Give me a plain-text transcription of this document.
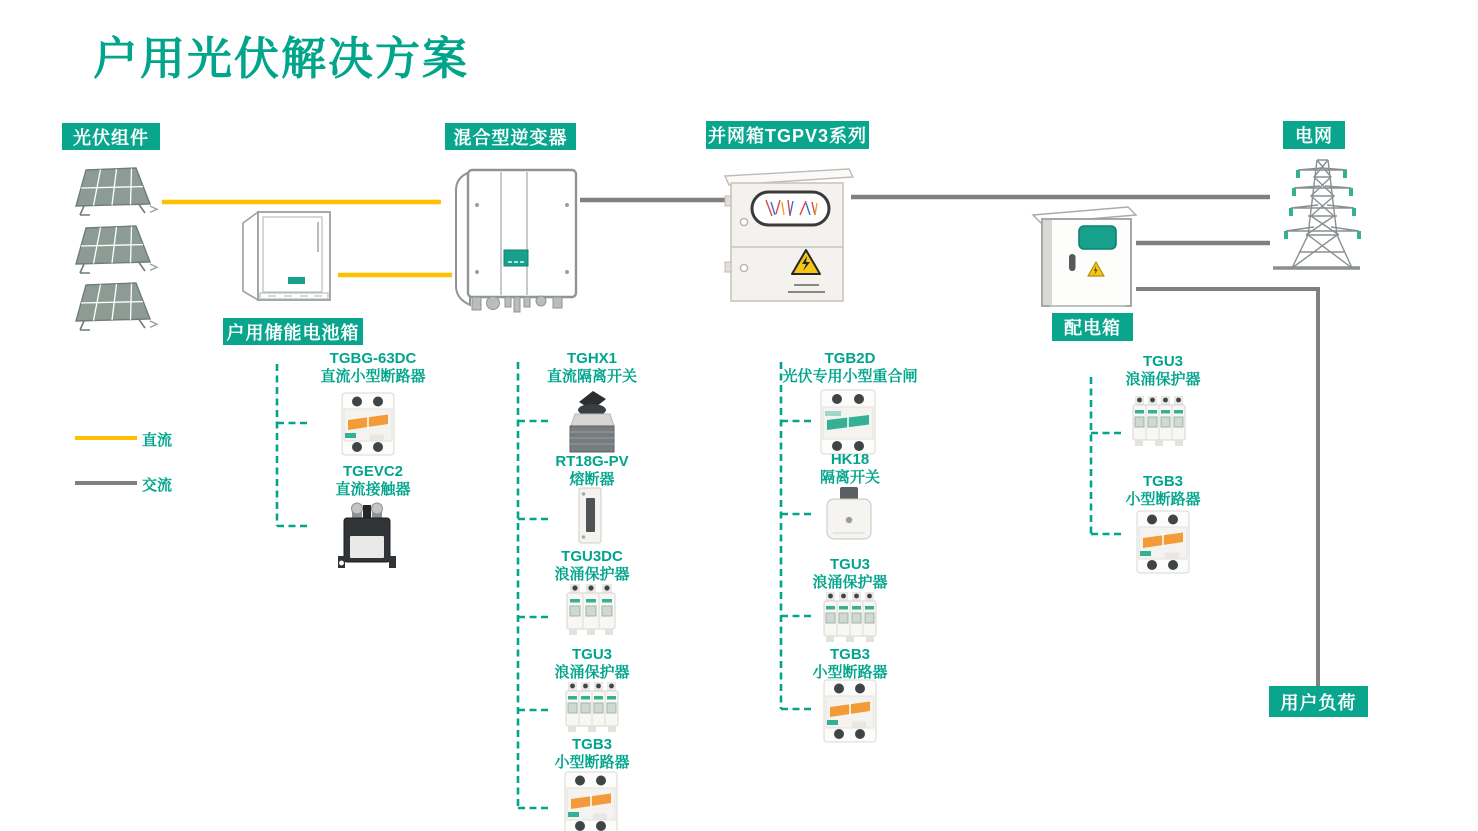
户用光伏解决方案
光伏组件	混合型逆变器	并网箱TGPV3系列	电网
户用储能电池箱	配电箱
用户负荷
直流
交流
TGBG-63DC
直流小型断路器
TGEVC2
直流接触器
TGHX1
直流隔离开关
RT18G-PV
熔断器
TGU3DC
浪涌保护器
TGU3
浪涌保护器
TGB3
小型断路器
TGB2D
光伏专用小型重合闸
HK18
隔离开关
TGU3
浪涌保护器
TGB3
小型断路器
TGU3
浪涌保护器
TGB3
小型断路器
